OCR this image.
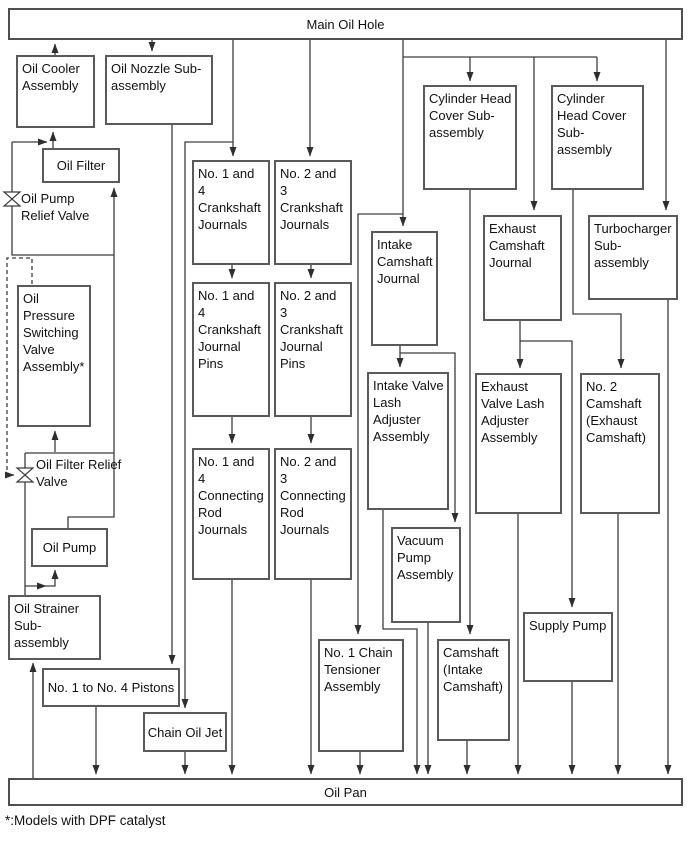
Main Oil Hole
Oil Cooler Assembly
Oil Nozzle Sub-assembly
Oil Filter
Oil Pump Relief Valve
Oil Pressure Switching Valve Assembly*
Oil Filter Relief Valve
Oil Pump
Oil Strainer Sub-assembly
No. 1 to No. 4 Pistons
Chain Oil Jet
No. 1 and 4 Crankshaft Journals
No. 2 and 3 Crankshaft Journals
No. 1 and 4 Crankshaft Journal Pins
No. 2 and 3 Crankshaft Journal Pins
No. 1 and 4 Connecting Rod Journals
No. 2 and 3 Connecting Rod Journals
Intake Camshaft Journal
Intake Valve Lash Adjuster Assembly
Vacuum Pump Assembly
No. 1 Chain Tensioner Assembly
Camshaft (Intake Camshaft)
Cylinder Head Cover Sub-assembly
Cylinder Head Cover Sub-assembly
Exhaust Camshaft Journal
Exhaust Valve Lash Adjuster Assembly
No. 2 Camshaft (Exhaust Camshaft)
Turbocharger Sub-assembly
Supply Pump
Oil Pan
*:Models with DPF catalyst
